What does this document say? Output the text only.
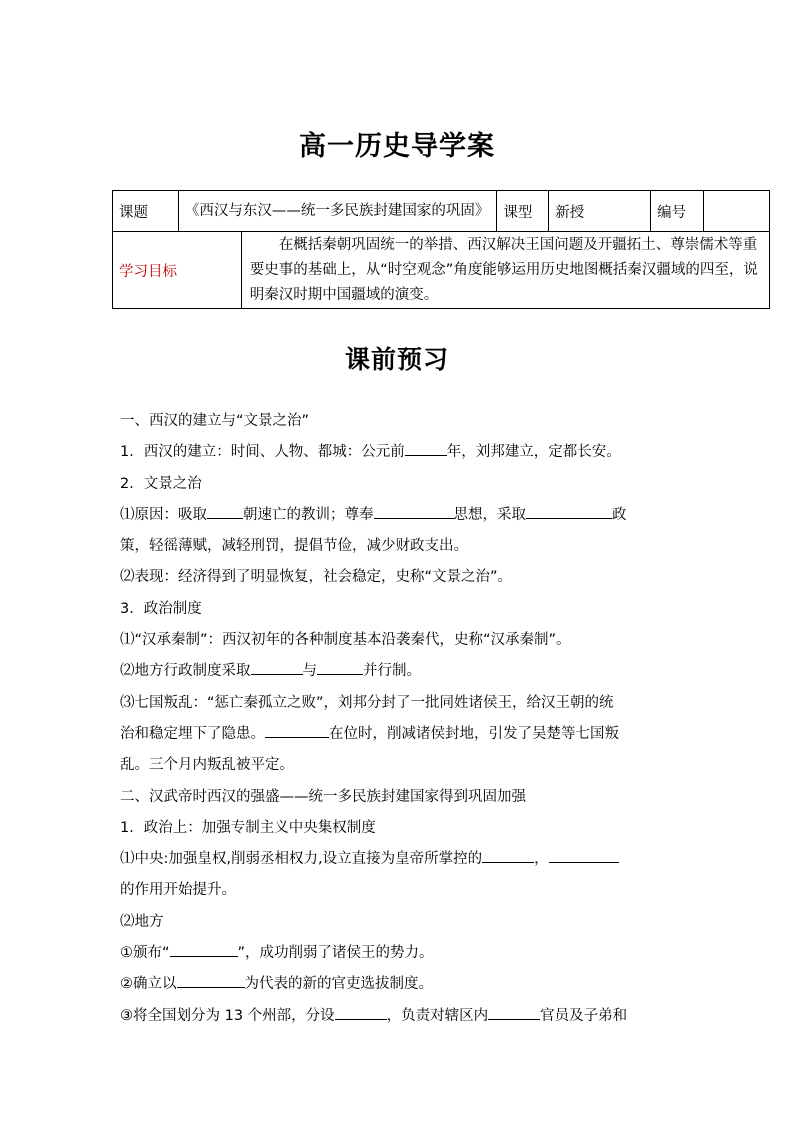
高一历史导学案
课题	《西汉与东汉——统一多民族封建国家的巩固》		课型	新授	编号	
学习目标		在概括秦朝巩固统一的举措、西汉解决王国问题及开疆拓土、尊崇儒术等重要史事的基础上，从“时空观念”角度能够运用历史地图概括秦汉疆域的四至，说明秦汉时期中国疆域的演变。				
课前预习
一、西汉的建立与“文景之治”
1．西汉的建立：时间、人物、都城：公元前	年，刘邦建立，定都长安。
2．文景之治
⑴原因：吸取 朝速亡的教训；尊奉	思想，采取	政
策，轻徭薄赋，减轻刑罚，提倡节俭，减少财政支出。
⑵表现：经济得到了明显恢复，社会稳定，史称“文景之治”。
3．政治制度
⑴“汉承秦制”：西汉初年的各种制度基本沿袭秦代，史称“汉承秦制”。
⑵地方行政制度采取	与	并行制。
⑶七国叛乱：“惩亡秦孤立之败”，刘邦分封了一批同姓诸侯王，给汉王朝的统
治和稳定埋下了隐患。	在位时，削减诸侯封地，引发了吴楚等七国叛
乱。三个月内叛乱被平定。
二、汉武帝时西汉的强盛——统一多民族封建国家得到巩固加强
1．政治上：加强专制主义中央集权制度
⑴中央:加强皇权,削弱丞相权力,设立直接为皇帝所掌控的	，
的作用开始提升。
⑵地方
①颁布“	”，成功削弱了诸侯王的势力。
②确立以	为代表的新的官吏选拔制度。
③将全国划分为 13 个州部，分设	，负责对辖区内	官员及子弟和
